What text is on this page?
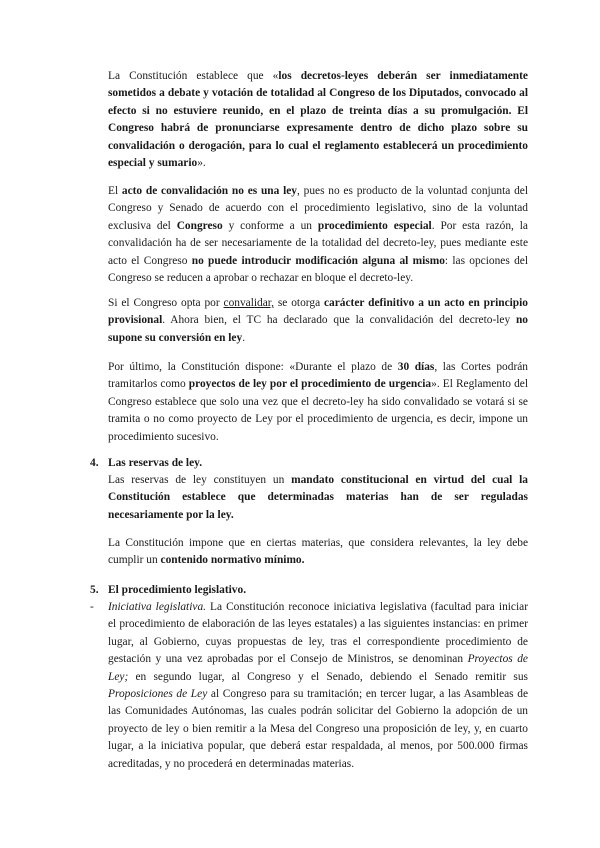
La Constitución establece que «los decretos-leyes deberán ser inmediatamente sometidos a debate y votación de totalidad al Congreso de los Diputados, convocado al efecto si no estuviere reunido, en el plazo de treinta días a su promulgación. El Congreso habrá de pronunciarse expresamente dentro de dicho plazo sobre su convalidación o derogación, para lo cual el reglamento establecerá un procedimiento especial y sumario».

El acto de convalidación no es una ley, pues no es producto de la voluntad conjunta del Congreso y Senado de acuerdo con el procedimiento legislativo, sino de la voluntad exclusiva del Congreso y conforme a un procedimiento especial. Por esta razón, la convalidación ha de ser necesariamente de la totalidad del decreto-ley, pues mediante este acto el Congreso no puede introducir modificación alguna al mismo: las opciones del Congreso se reducen a aprobar o rechazar en bloque el decreto-ley.

Si el Congreso opta por convalidar, se otorga carácter definitivo a un acto en principio provisional. Ahora bien, el TC ha declarado que la convalidación del decreto-ley no supone su conversión en ley.

Por último, la Constitución dispone: «Durante el plazo de 30 días, las Cortes podrán tramitarlos como proyectos de ley por el procedimiento de urgencia». El Reglamento del Congreso establece que solo una vez que el decreto-ley ha sido convalidado se votará si se tramita o no como proyecto de Ley por el procedimiento de urgencia, es decir, impone un procedimiento sucesivo.

4. Las reservas de ley.

Las reservas de ley constituyen un mandato constitucional en virtud del cual la Constitución establece que determinadas materias han de ser reguladas necesariamente por la ley.

La Constitución impone que en ciertas materias, que considera relevantes, la ley debe cumplir un contenido normativo mínimo.

5. El procedimiento legislativo.

- Iniciativa legislativa. La Constitución reconoce iniciativa legislativa (facultad para iniciar el procedimiento de elaboración de las leyes estatales) a las siguientes instancias: en primer lugar, al Gobierno, cuyas propuestas de ley, tras el correspondiente procedimiento de gestación y una vez aprobadas por el Consejo de Ministros, se denominan Proyectos de Ley; en segundo lugar, al Congreso y el Senado, debiendo el Senado remitir sus Proposiciones de Ley al Congreso para su tramitación; en tercer lugar, a las Asambleas de las Comunidades Autónomas, las cuales podrán solicitar del Gobierno la adopción de un proyecto de ley o bien remitir a la Mesa del Congreso una proposición de ley, y, en cuarto lugar, a la iniciativa popular, que deberá estar respaldada, al menos, por 500.000 firmas acreditadas, y no procederá en determinadas materias.
